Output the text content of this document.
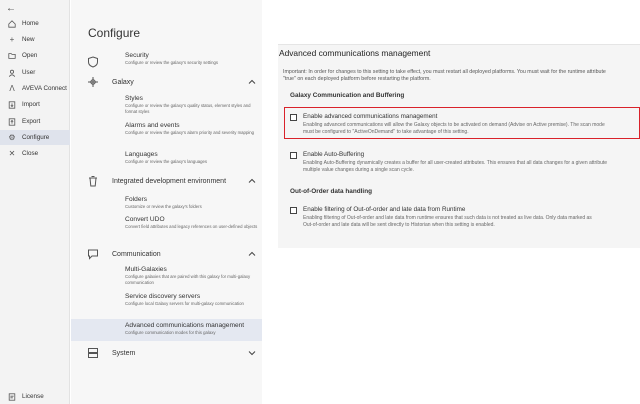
←
Home
+ New
Open
User
Λ AVEVA Connect
Import
Export
⚙ Configure
✕ Close
License
Configure
Security
Configure or review the galaxy's security settings
Galaxy
Styles
Configure or review the galaxy's quality status, element styles and format styles
Alarms and events
Configure or review the galaxy's alarm priority and severity mapping
Languages
Configure or review the galaxy's languages
Integrated development environment
Folders
Customize or review the galaxy's folders
Convert UDO
Convert field attributes and legacy references on user-defined objects
Communication
Multi-Galaxies
Configure galaxies that are paired with this galaxy for multi-galaxy communication
Service discovery servers
Configure local Galaxy servers for multi-galaxy communication
Advanced communications management
Configure communication modes for this galaxy
System
Advanced communications management
Important: In order for changes to this setting to take effect, you must restart all deployed platforms. You must wait for the runtime attribute
"true" on each deployed platform before restarting the platform.
Galaxy Communication and Buffering
Enable advanced communications management
Enabling advanced communications will allow the Galaxy objects to be activated on demand (Advise on Active premise). The scan mode
must be configured to "ActiveOnDemand" to take advantage of this setting.
Enable Auto-Buffering
Enabling Auto-Buffering dynamically creates a buffer for all user-created attributes. This ensures that all data changes for a given attribute
multiple value changes during a single scan cycle.
Out-of-Order data handling
Enable filtering of Out-of-order and late data from Runtime
Enabling filtering of Out-of-order and late data from runtime ensures that such data is not treated as live data. Only data marked as
Out-of-order and late data will be sent directly to Historian when this setting is enabled.
